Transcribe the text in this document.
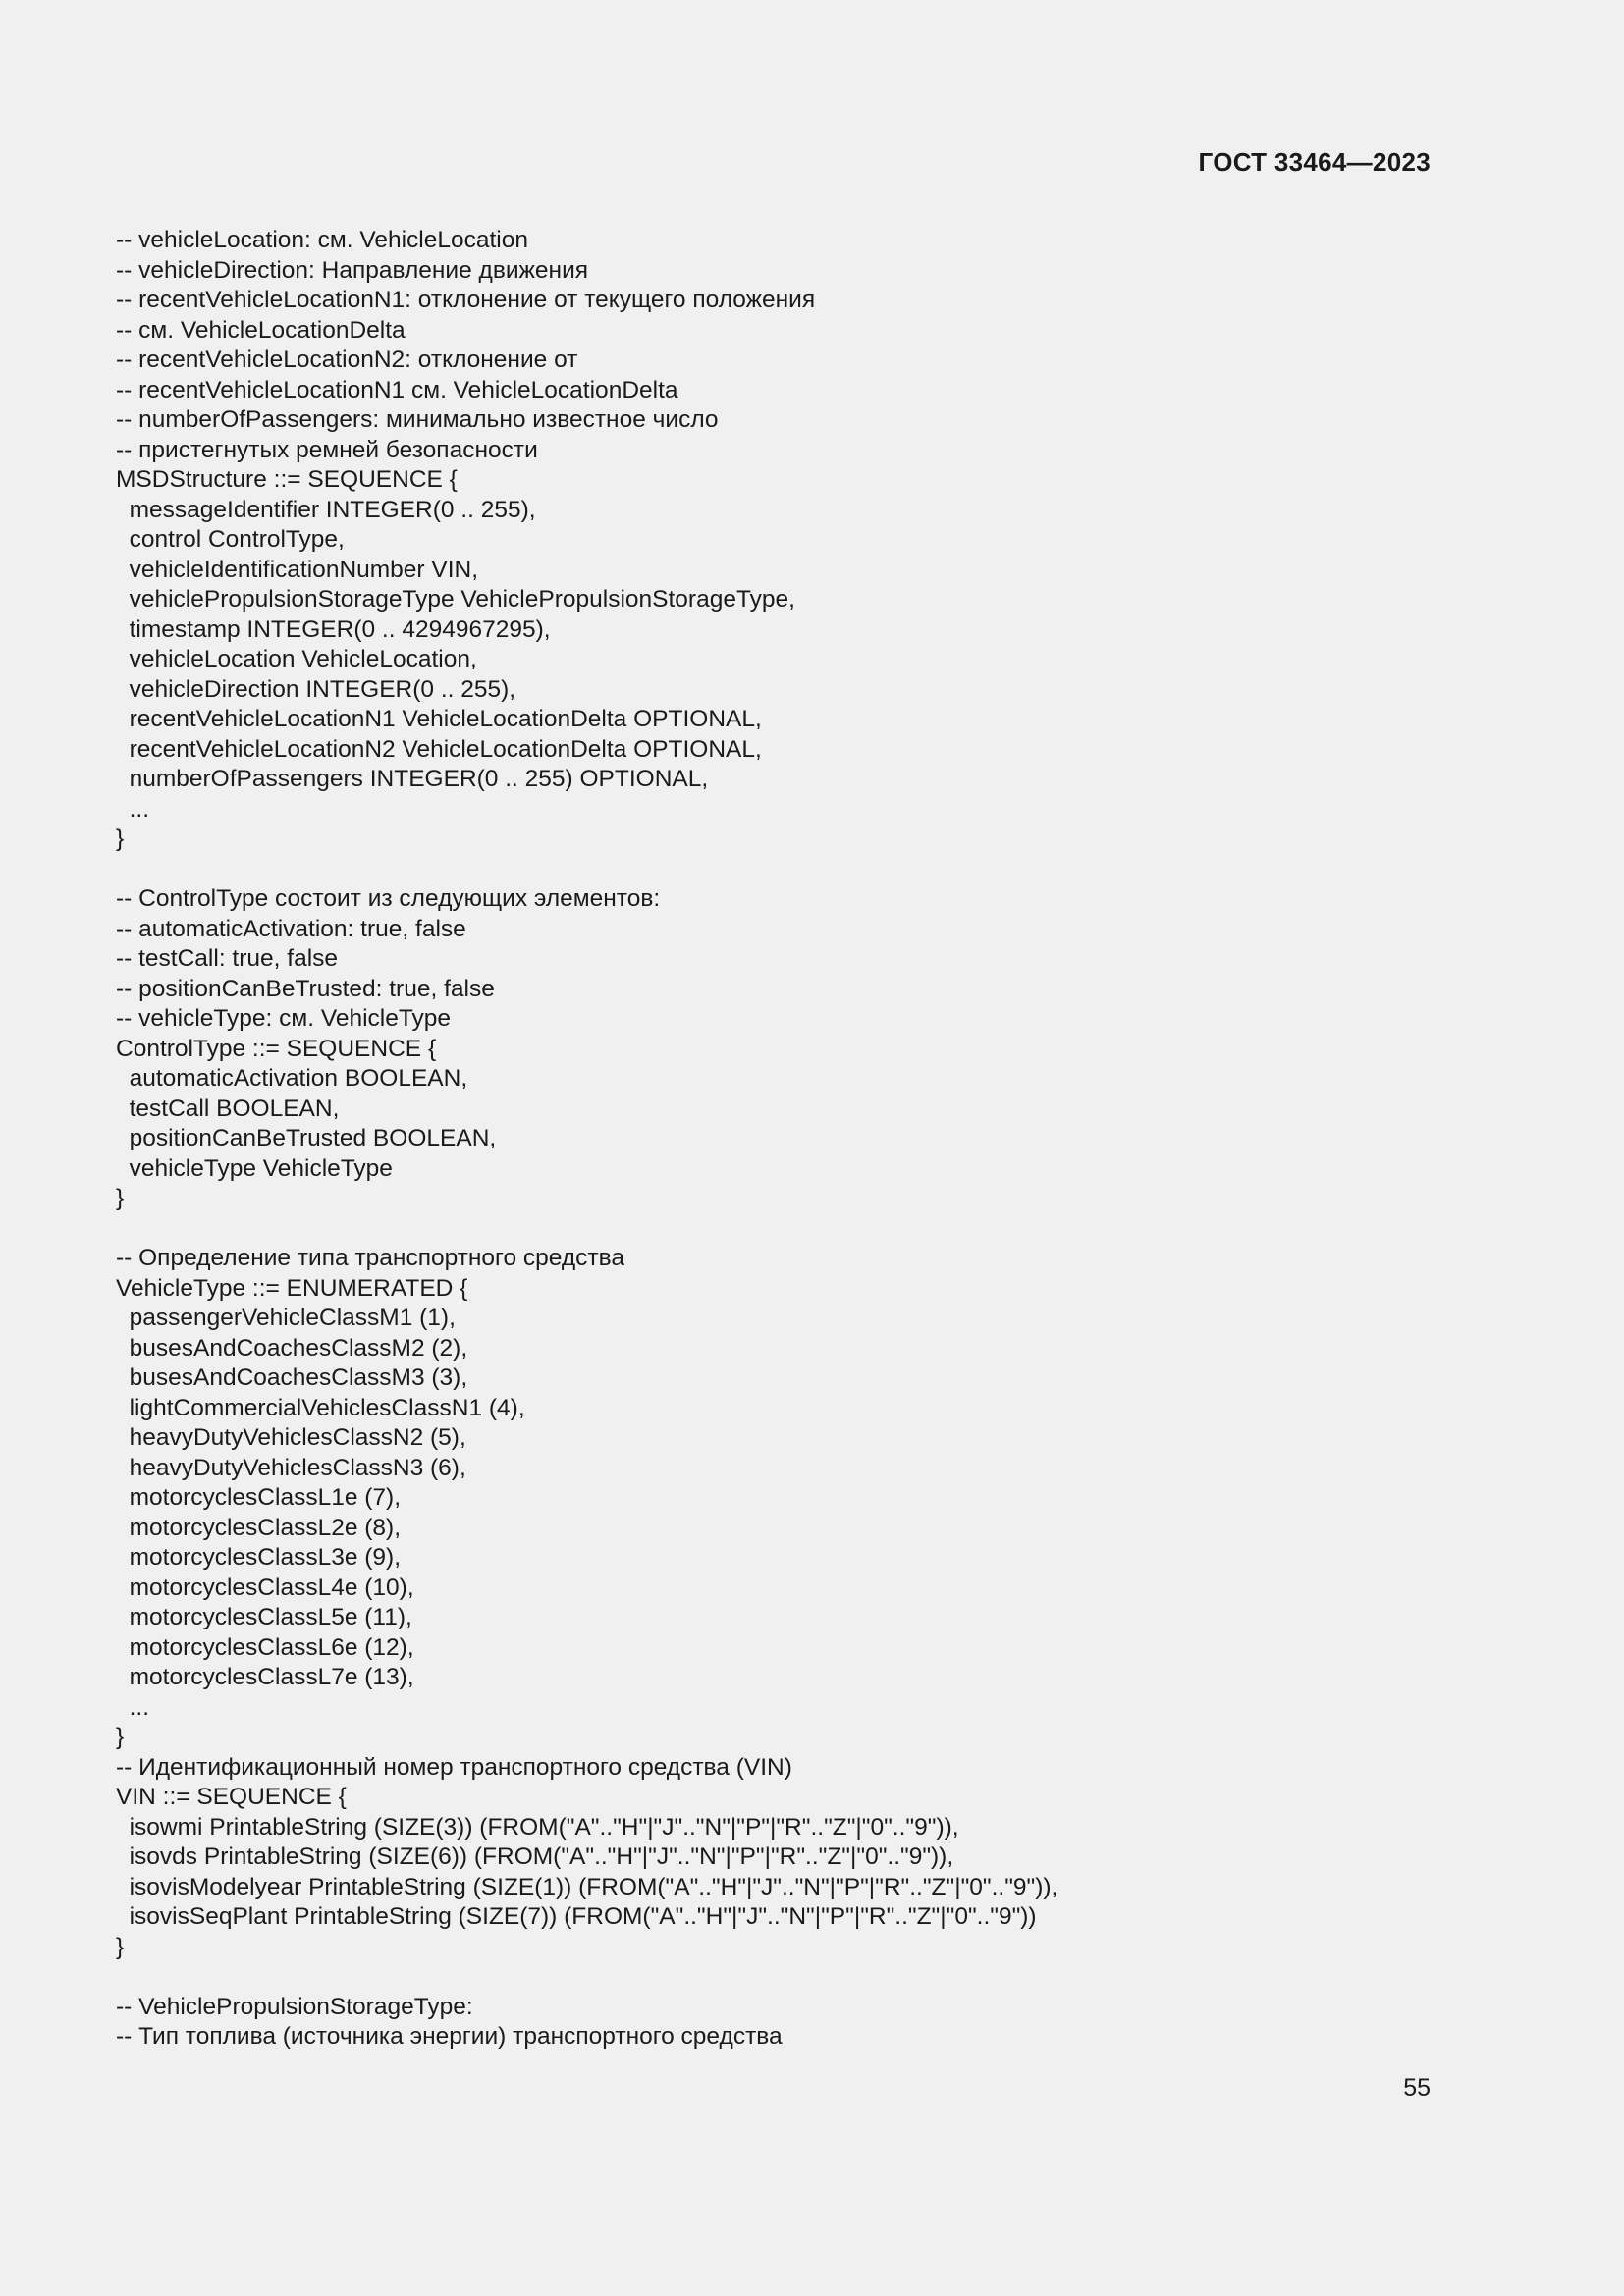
ГОСТ 33464—2023
-- vehicleLocation: см. VehicleLocation
-- vehicleDirection: Направление движения
-- recentVehicleLocationN1: отклонение от текущего положения
-- см. VehicleLocationDelta
-- recentVehicleLocationN2: отклонение от
-- recentVehicleLocationN1 см. VehicleLocationDelta
-- numberOfPassengers: минимально известное число
-- пристегнутых ремней безопасности
MSDStructure ::= SEQUENCE {
messageIdentifier INTEGER(0 .. 255),
control ControlType,
vehicleIdentificationNumber VIN,
vehiclePropulsionStorageType VehiclePropulsionStorageType,
timestamp INTEGER(0 .. 4294967295),
vehicleLocation VehicleLocation,
vehicleDirection INTEGER(0 .. 255),
recentVehicleLocationN1 VehicleLocationDelta OPTIONAL,
recentVehicleLocationN2 VehicleLocationDelta OPTIONAL,
numberOfPassengers INTEGER(0 .. 255) OPTIONAL,
...
}
-- ControlType состоит из следующих элементов:
-- automaticActivation: true, false
-- testCall: true, false
-- positionCanBeTrusted: true, false
-- vehicleType: см. VehicleType
ControlType ::= SEQUENCE {
automaticActivation BOOLEAN,
testCall BOOLEAN,
positionCanBeTrusted BOOLEAN,
vehicleType VehicleType
}
-- Определение типа транспортного средства
VehicleType ::= ENUMERATED {
passengerVehicleClassM1 (1),
busesAndCoachesClassM2 (2),
busesAndCoachesClassM3 (3),
lightCommercialVehiclesClassN1 (4),
heavyDutyVehiclesClassN2 (5),
heavyDutyVehiclesClassN3 (6),
motorcyclesClassL1e (7),
motorcyclesClassL2e (8),
motorcyclesClassL3e (9),
motorcyclesClassL4e (10),
motorcyclesClassL5e (11),
motorcyclesClassL6e (12),
motorcyclesClassL7e (13),
...
}
-- Идентификационный номер транспортного средства (VIN)
VIN ::= SEQUENCE {
isowmi PrintableString (SIZE(3)) (FROM("A".."H"|"J".."N"|"P"|"R".."Z"|"0".."9")),
isovds PrintableString (SIZE(6)) (FROM("A".."H"|"J".."N"|"P"|"R".."Z"|"0".."9")),
isovisModelyear PrintableString (SIZE(1)) (FROM("A".."H"|"J".."N"|"P"|"R".."Z"|"0".."9")),
isovisSeqPlant PrintableString (SIZE(7)) (FROM("A".."H"|"J".."N"|"P"|"R".."Z"|"0".."9"))
}
-- VehiclePropulsionStorageType:
-- Тип топлива (источника энергии) транспортного средства
55
